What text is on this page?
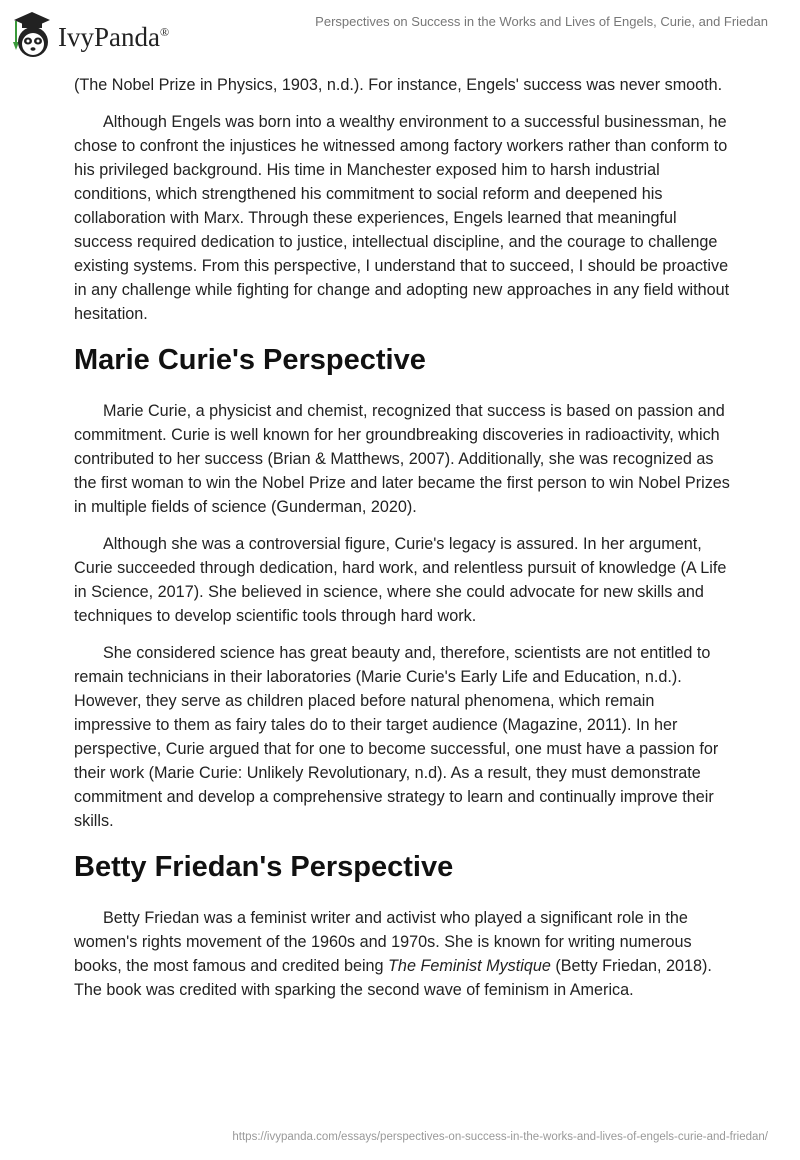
IvyPanda®
Perspectives on Success in the Works and Lives of Engels, Curie, and Friedan

(The Nobel Prize in Physics, 1903, n.d.). For instance, Engels' success was never smooth.

Although Engels was born into a wealthy environment to a successful businessman, he chose to confront the injustices he witnessed among factory workers rather than conform to his privileged background. His time in Manchester exposed him to harsh industrial conditions, which strengthened his commitment to social reform and deepened his collaboration with Marx. Through these experiences, Engels learned that meaningful success required dedication to justice, intellectual discipline, and the courage to challenge existing systems. From this perspective, I understand that to succeed, I should be proactive in any challenge while fighting for change and adopting new approaches in any field without hesitation.

Marie Curie's Perspective

Marie Curie, a physicist and chemist, recognized that success is based on passion and commitment. Curie is well known for her groundbreaking discoveries in radioactivity, which contributed to her success (Brian & Matthews, 2007). Additionally, she was recognized as the first woman to win the Nobel Prize and later became the first person to win Nobel Prizes in multiple fields of science (Gunderman, 2020).

Although she was a controversial figure, Curie's legacy is assured. In her argument, Curie succeeded through dedication, hard work, and relentless pursuit of knowledge (A Life in Science, 2017). She believed in science, where she could advocate for new skills and techniques to develop scientific tools through hard work.

She considered science has great beauty and, therefore, scientists are not entitled to remain technicians in their laboratories (Marie Curie's Early Life and Education, n.d.). However, they serve as children placed before natural phenomena, which remain impressive to them as fairy tales do to their target audience (Magazine, 2011). In her perspective, Curie argued that for one to become successful, one must have a passion for their work (Marie Curie: Unlikely Revolutionary, n.d). As a result, they must demonstrate commitment and develop a comprehensive strategy to learn and continually improve their skills.

Betty Friedan's Perspective

Betty Friedan was a feminist writer and activist who played a significant role in the women's rights movement of the 1960s and 1970s. She is known for writing numerous books, the most famous and credited being The Feminist Mystique (Betty Friedan, 2018). The book was credited with sparking the second wave of feminism in America.

https://ivypanda.com/essays/perspectives-on-success-in-the-works-and-lives-of-engels-curie-and-friedan/
